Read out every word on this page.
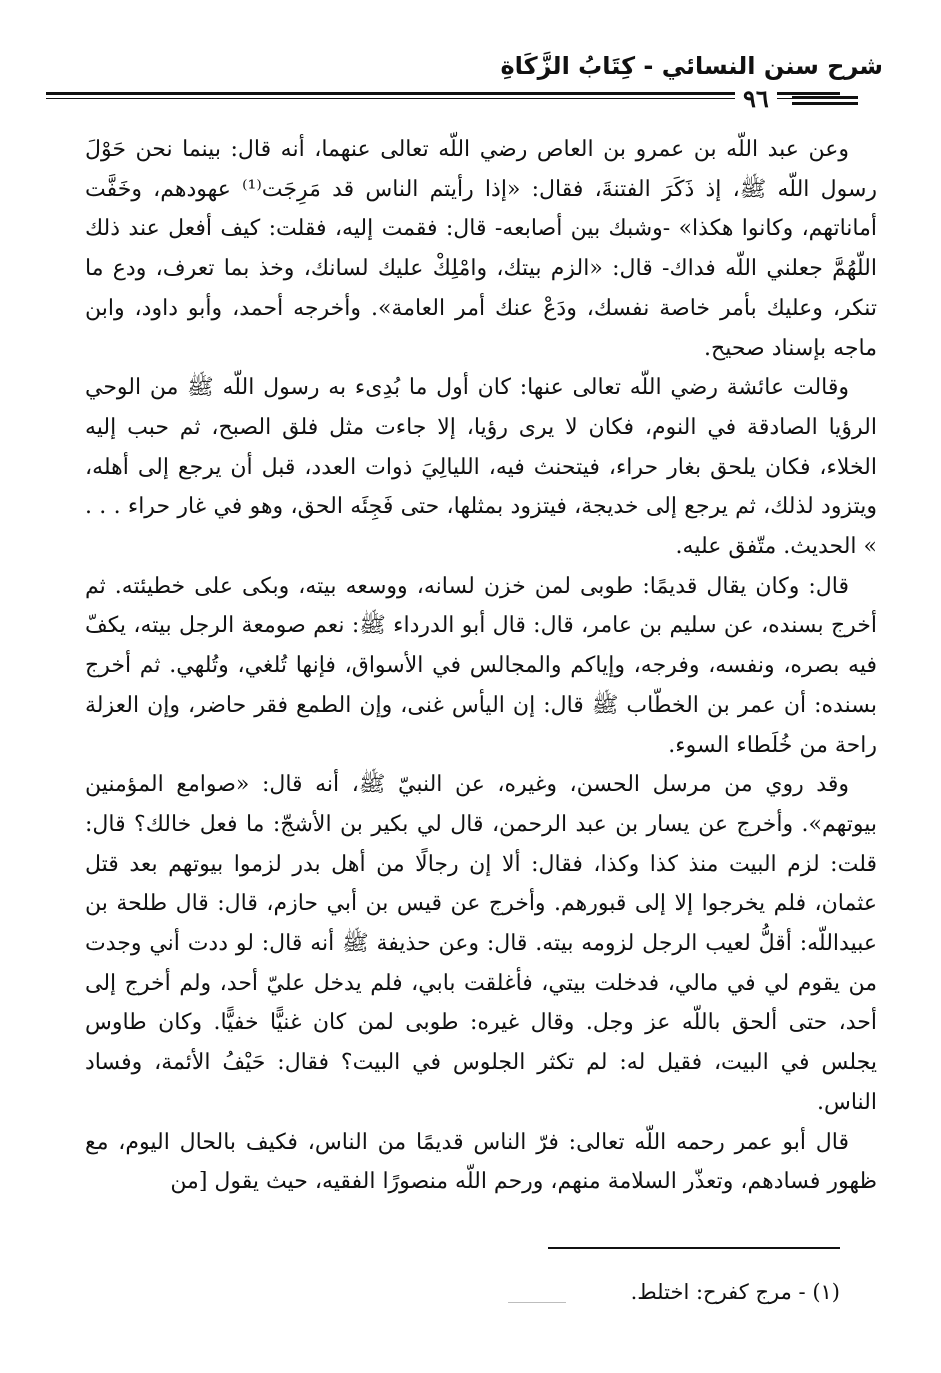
شرح سنن النسائي - كِتَابُ الزَّكَاةِ
٩٦

وعن عبد اللّه بن عمرو بن العاص رضي اللّه تعالى عنهما، أنه قال: بينما نحن حَوْلَ رسول اللّه ﷺ، إذ ذَكَرَ الفتنةَ، فقال: «إذا رأيتم الناس قد مَرِجَت⁽¹⁾ عهودهم، وخَفَّت أماناتهم، وكانوا هكذا» -وشبك بين أصابعه- قال: فقمت إليه، فقلت: كيف أفعل عند ذلك اللّهُمَّ جعلني اللّه فداك- قال: «الزم بيتك، وامْلِكْ عليك لسانك، وخذ بما تعرف، ودع ما تنكر، وعليك بأمر خاصة نفسك، ودَعْ عنك أمر العامة». وأخرجه أحمد، وأبو داود، وابن ماجه بإسناد صحيح.

وقالت عائشة رضي اللّه تعالى عنها: كان أول ما بُدِىء به رسول اللّه ﷺ من الوحي الرؤيا الصادقة في النوم، فكان لا يرى رؤيا، إلا جاءت مثل فلق الصبح، ثم حبب إليه الخلاء، فكان يلحق بغار حراء، فيتحنث فيه، الليالِيَ ذوات العدد، قبل أن يرجع إلى أهله، ويتزود لذلك، ثم يرجع إلى خديجة، فيتزود بمثلها، حتى فَجِئَه الحق، وهو في غار حراء . . . » الحديث. متّفق عليه.

قال: وكان يقال قديمًا: طوبى لمن خزن لسانه، ووسعه بيته، وبكى على خطيئته. ثم أخرج بسنده، عن سليم بن عامر، قال: قال أبو الدرداء ﷺ: نعم صومعة الرجل بيته، يكفّ فيه بصره، ونفسه، وفرجه، وإياكم والمجالس في الأسواق، فإنها تُلغي، وتُلهي. ثم أخرج بسنده: أن عمر بن الخطّاب ﷺ قال: إن اليأس غنى، وإن الطمع فقر حاضر، وإن العزلة راحة من خُلَطاء السوء.

وقد روي من مرسل الحسن، وغيره، عن النبيّ ﷺ، أنه قال: «صوامع المؤمنين بيوتهم». وأخرج عن يسار بن عبد الرحمن، قال لي بكير بن الأشجّ: ما فعل خالك؟ قال: قلت: لزم البيت منذ كذا وكذا، فقال: ألا إن رجالًا من أهل بدر لزموا بيوتهم بعد قتل عثمان، فلم يخرجوا إلا إلى قبورهم. وأخرج عن قيس بن أبي حازم، قال: قال طلحة بن عبيداللّه: أقلُّ لعيب الرجل لزومه بيته. قال: وعن حذيفة ﷺ أنه قال: لو ددت أني وجدت من يقوم لي في مالي، فدخلت بيتي، فأغلقت بابي، فلم يدخل عليّ أحد، ولم أخرج إلى أحد، حتى ألحق باللّه عز وجل. وقال غيره: طوبى لمن كان غنيًّا خفيًّا. وكان طاوس يجلس في البيت، فقيل له: لم تكثر الجلوس في البيت؟ فقال: حَيْفُ الأئمة، وفساد الناس.

قال أبو عمر رحمه اللّه تعالى: فرّ الناس قديمًا من الناس، فكيف بالحال اليوم، مع ظهور فسادهم، وتعذّر السلامة منهم، ورحم اللّه منصورًا الفقيه، حيث يقول [من

(١) - مرج كفرح: اختلط.
